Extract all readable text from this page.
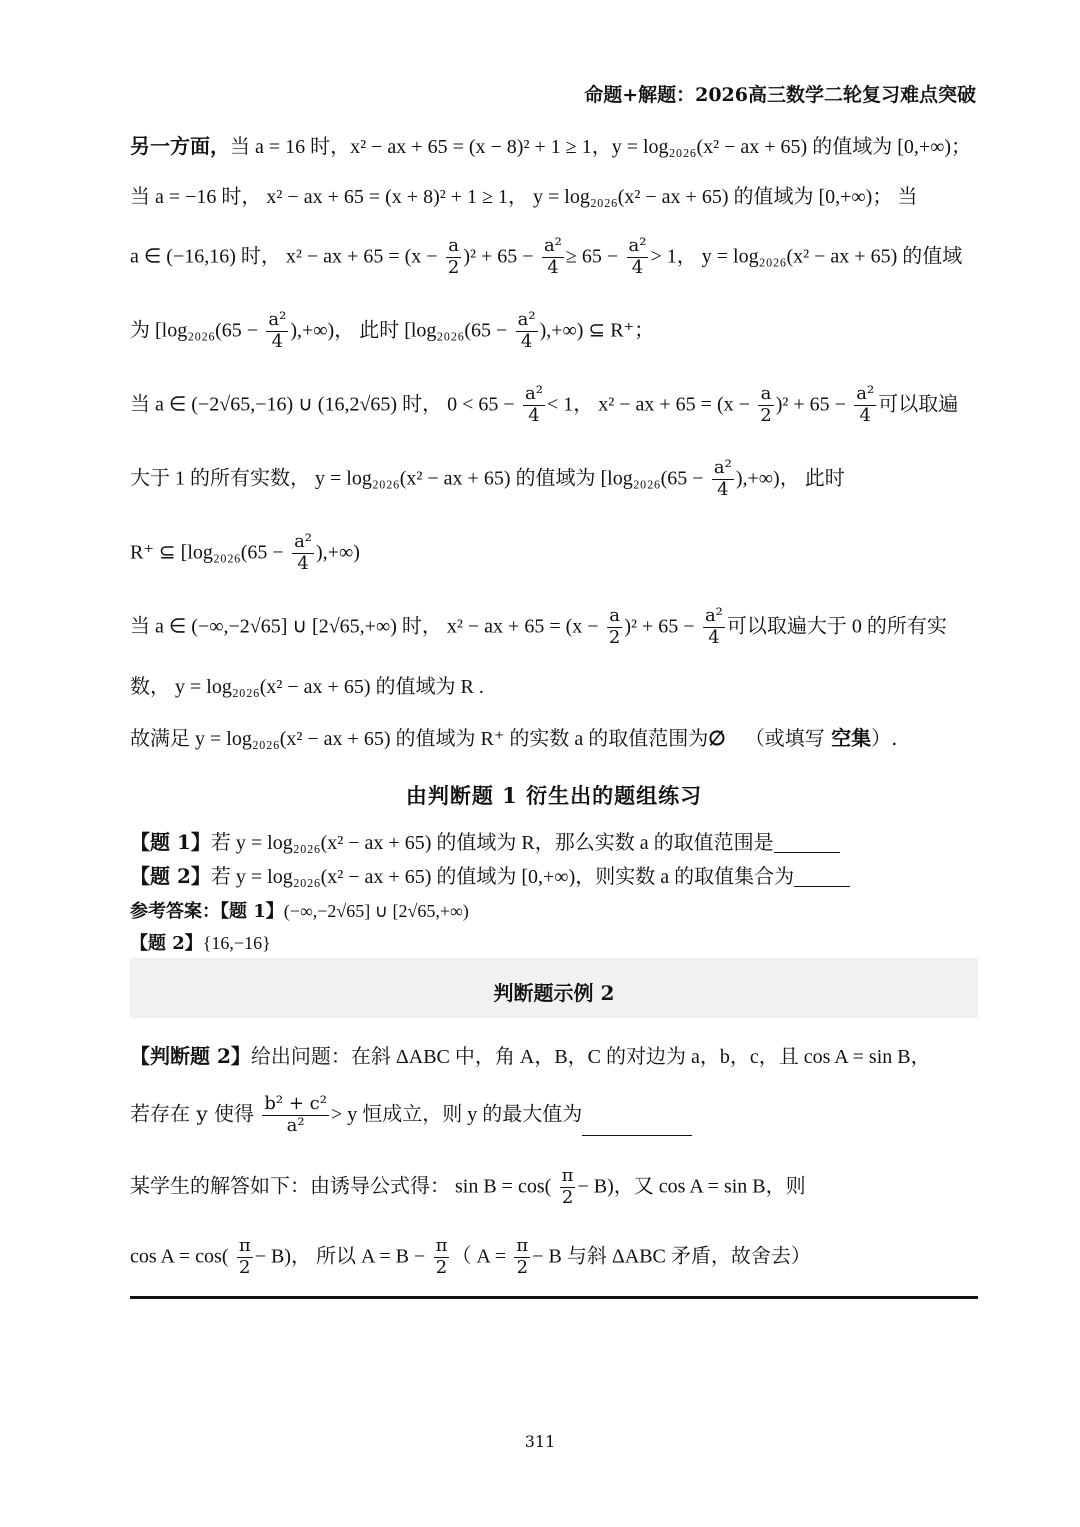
命题+解题：2026高三数学二轮复习难点突破
另一方面，当 a = 16 时，x² − ax + 65 = (x − 8)² + 1 ≥ 1，y = log₂₀₂₆(x² − ax + 65) 的值域为 [0,+∞)；
当 a = −16 时， x² − ax + 65 = (x + 8)² + 1 ≥ 1， y = log₂₀₂₆(x² − ax + 65) 的值域为 [0,+∞)； 当
a ∈ (−16,16) 时， x² − ax + $65 = (x - \frac{a}{2} )^2 + 65 - \frac{\text{a²}}{4} \ge 65 - \frac{\text{a²}}{4} > 1$， y = log₂₀₂₆(x² − ax + 65) 的值域
为 [$\log_{2026}(65 - \frac{\text{a²}}{4}$ ),+∞)， 此时 [$\log_{2026}(65 - \frac{\text{a²}}{4}$ ),+∞) ⊆ R⁺；
当 a ∈ (−2√65,−16) ∪ (16,2√65) 时， $0 < 65 - \frac{\text{a²}}{4} < 1$， x² − ax + $65 = (x - \frac{a}{2} )^2 + 65 - \frac{\text{a²}}{4}$ 可以取遍
大于 1 的所有实数， y = log₂₀₂₆(x² − ax + 65) 的值域为 [$\log_{2026}(65 - \frac{\text{a²}}{4}$ ),+∞)， 此时
R⁺ ⊆ [$\log_{2026}(65 - \frac{\text{a²}}{4}$ ),+∞)
当 a ∈ (−∞,−2√65] ∪ [2√65,+∞) 时， x² − ax + $65 = (x - \frac{a}{2} )^2 + 65 - \frac{\text{a²}}{4}$ 可以取遍大于 0 的所有实
数， y = log₂₀₂₆(x² − ax + 65) 的值域为 R .
故满足 y = log₂₀₂₆(x² − ax + 65) 的值域为 R⁺ 的实数 a 的取值范围为∅ （或填写 空集）.
由判断题 1 衍生出的题组练习
【题 1】若 y = log₂₀₂₆(x² − ax + 65) 的值域为 R，那么实数 a 的取值范围是
【题 2】若 y = log₂₀₂₆(x² − ax + 65) 的值域为 [0,+∞)，则实数 a 的取值集合为
参考答案：【题 1】(−∞,−2√65] ∪ [2√65,+∞)
【题 2】{16,−16}
判断题示例 2
【判断题 2】给出问题：在斜 ΔABC 中，角 A，B，C 的对边为 a，b，c，且 cos A = sin B，
若存在 y 使得 $\frac{\text{b² + c²}}{\text{a²}} > y$ 恒成立，则 y 的最大值为
某学生的解答如下：由诱导公式得： $\sin B = \cos( \frac{\pi}{2} - B)$，又 cos A = sin B，则
$\cos A = \cos( \frac{\pi}{2} - B)$， 所以 $A = B - \frac{\pi}{2}$ （ $A = \frac{\pi}{2} - B$ 与斜 ΔABC 矛盾，故舍去）
311
